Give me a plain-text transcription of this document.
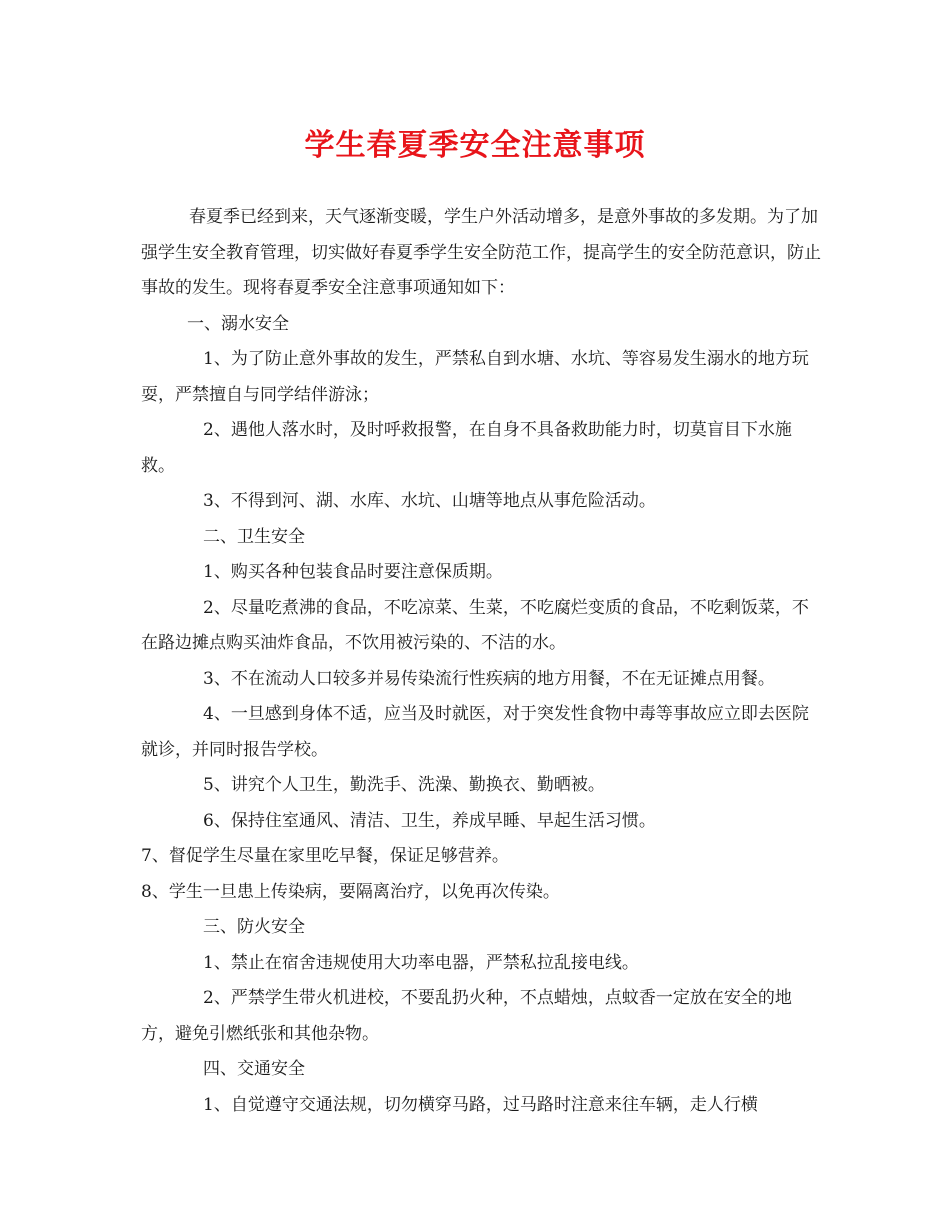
学生春夏季安全注意事项

春夏季已经到来，天气逐渐变暖，学生户外活动增多，是意外事故的多发期。为了加强学生安全教育管理，切实做好春夏季学生安全防范工作，提高学生的安全防范意识，防止事故的发生。现将春夏季安全注意事项通知如下：

一、溺水安全

1、为了防止意外事故的发生，严禁私自到水塘、水坑、等容易发生溺水的地方玩耍，严禁擅自与同学结伴游泳；

2、遇他人落水时，及时呼救报警，在自身不具备救助能力时，切莫盲目下水施救。

3、不得到河、湖、水库、水坑、山塘等地点从事危险活动。

二、卫生安全

1、购买各种包装食品时要注意保质期。

2、尽量吃煮沸的食品，不吃凉菜、生菜，不吃腐烂变质的食品，不吃剩饭菜，不在路边摊点购买油炸食品，不饮用被污染的、不洁的水。

3、不在流动人口较多并易传染流行性疾病的地方用餐，不在无证摊点用餐。

4、一旦感到身体不适，应当及时就医，对于突发性食物中毒等事故应立即去医院就诊，并同时报告学校。

5、讲究个人卫生，勤洗手、洗澡、勤换衣、勤晒被。

6、保持住室通风、清洁、卫生，养成早睡、早起生活习惯。

7、督促学生尽量在家里吃早餐，保证足够营养。

8、学生一旦患上传染病，要隔离治疗，以免再次传染。

三、防火安全

1、禁止在宿舍违规使用大功率电器，严禁私拉乱接电线。

2、严禁学生带火机进校，不要乱扔火种，不点蜡烛，点蚊香一定放在安全的地方，避免引燃纸张和其他杂物。

四、交通安全

1、自觉遵守交通法规，切勿横穿马路，过马路时注意来往车辆，走人行横
